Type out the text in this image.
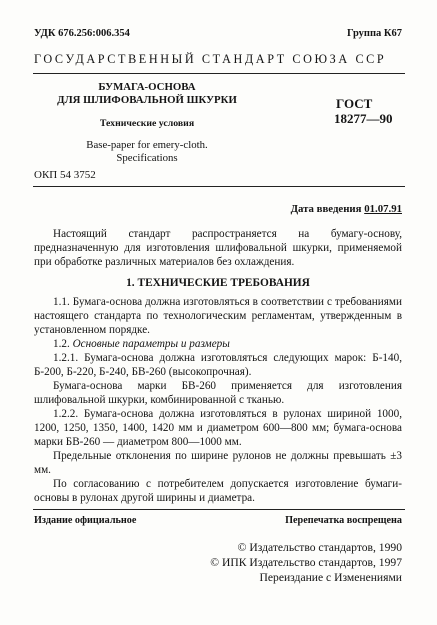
УДК 676.256:006.354	Группа К67
ГОСУДАРСТВЕННЫЙ СТАНДАРТ СОЮЗА ССР
БУМАГА-ОСНОВА
ДЛЯ ШЛИФОВАЛЬНОЙ ШКУРКИ
Технические условия
Base-paper for emery-cloth.
Specifications
ГОСТ
18277—90
ОКП 54 3752
Дата введения 01.07.91
Настоящий стандарт распространяется на бумагу-основу, предназначенную для изготовления шлифовальной шкурки, применяемой при обработке различных материалов без охлаждения.
1. ТЕХНИЧЕСКИЕ ТРЕБОВАНИЯ
1.1. Бумага-основа должна изготовляться в соответствии с требованиями настоящего стандарта по технологическим регламентам, утвержденным в установленном порядке.
1.2. Основные параметры и размеры
1.2.1. Бумага-основа должна изготовляться следующих марок: Б-140, Б-200, Б-220, Б-240, БВ-260 (высокопрочная).
Бумага-основа марки БВ-260 применяется для изготовления шлифовальной шкурки, комбинированной с тканью.
1.2.2. Бумага-основа должна изготовляться в рулонах шириной 1000, 1200, 1250, 1350, 1400, 1420 мм и диаметром 600—800 мм; бумага-основа марки БВ-260 — диаметром 800—1000 мм.
Предельные отклонения по ширине рулонов не должны превышать ±3 мм.
По согласованию с потребителем допускается изготовление бумаги-основы в рулонах другой ширины и диаметра.
Издание официальное	Перепечатка воспрещена
© Издательство стандартов, 1990
© ИПК Издательство стандартов, 1997
Переиздание с Изменениями
